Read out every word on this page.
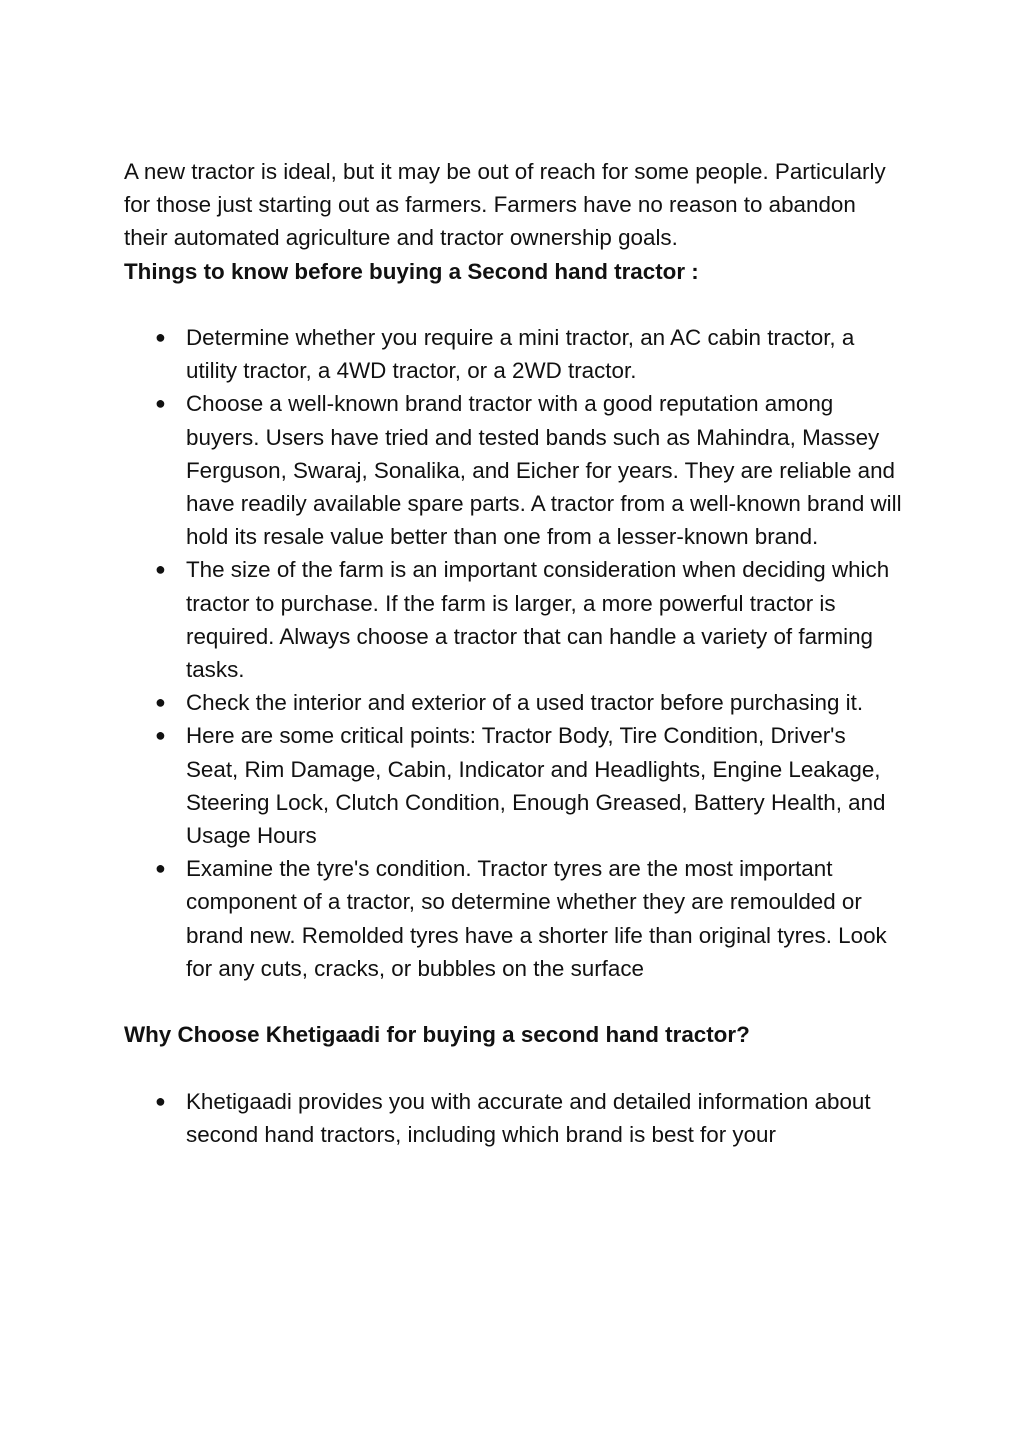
A new tractor is ideal, but it may be out of reach for some people. Particularly for those just starting out as farmers. Farmers have no reason to abandon their automated agriculture and tractor ownership goals.

Things to know before buying a Second hand tractor :

● Determine whether you require a mini tractor, an AC cabin tractor, a utility tractor, a 4WD tractor, or a 2WD tractor.
● Choose a well-known brand tractor with a good reputation among buyers. Users have tried and tested bands such as Mahindra, Massey Ferguson, Swaraj, Sonalika, and Eicher for years. They are reliable and have readily available spare parts. A tractor from a well-known brand will hold its resale value better than one from a lesser-known brand.
● The size of the farm is an important consideration when deciding which tractor to purchase. If the farm is larger, a more powerful tractor is required. Always choose a tractor that can handle a variety of farming tasks.
● Check the interior and exterior of a used tractor before purchasing it.
● Here are some critical points: Tractor Body, Tire Condition, Driver's Seat, Rim Damage, Cabin, Indicator and Headlights, Engine Leakage, Steering Lock, Clutch Condition, Enough Greased, Battery Health, and Usage Hours
● Examine the tyre's condition. Tractor tyres are the most important component of a tractor, so determine whether they are remoulded or brand new. Remolded tyres have a shorter life than original tyres. Look for any cuts, cracks, or bubbles on the surface

Why Choose Khetigaadi for buying a second hand tractor?

● Khetigaadi provides you with accurate and detailed information about second hand tractors, including which brand is best for your
